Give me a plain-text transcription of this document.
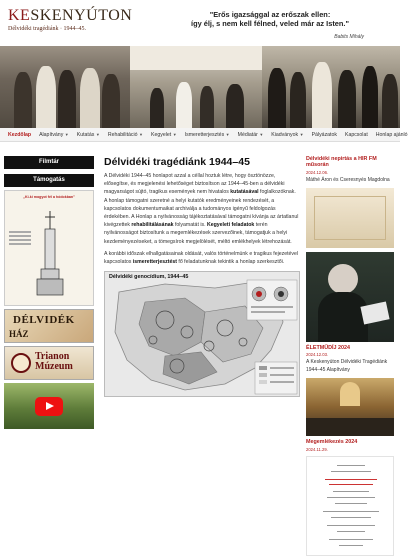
KESKENYÚTON
Délvidéki tragédiánk · 1944–45.
"Erős igazsággal az erőszak ellen:
így élj, s nem kell félned, veled már az Isten."
Babits Mihály
Kezdőlap Alapítvány ▼ Kutatás ▼ Rehabilitáció ▼ Kegyelet ▼ Ismeretterjesztés ▼ Médiatár ▼ Kiadványok ▼ Pályázatok Kapcsolat Honlap ajánló
Filmtár
Támogatás
„Ki-ki mogyot fél a hódokban"
DÉLVIDÉK
HÁZ
Trianon
Múzeum
Délvidéki tragédiánk 1944–45

A Délvidéki 1944–45 honlapot azzal a céllal hoztuk létre, hogy ösztönözze, elősegítse, és megjelenési lehetőséget biztosítson az 1944–45-ben a délvidéki magyarságot sújtó, tragikus események nem hivatalos kutatásával foglalkozóknak. A honlap támogatni szeretné a helyi kutatók eredményeinek rendezését, a kapcsolatos dokumentumaikat archiválja a tudományos igényű feldolgozás érdekében. A Honlap a nyilvánosság tájékoztatásával támogatni kívánja az ártatlanul kivégzettek rehabilitálásának folyamatát is. Kegyeleti feladatok terén nyilvánosságot biztosítunk a megemlékezések szervezőinek, támogatjuk a helyi kezdeményezéseket, a tömegsírok megjelölését, méltó emlékhelyek létrehozását.

A korábbi időszak elhallgatásainak oldását, valós történelmünk e tragikus fejezetével kapcsolatos ismeretterjesztést fő feladatunknak tekintik a honlap szerkesztői.

Délvidéki genocídium, 1944–45
Délvidéki nepirtás a HIR FM műsorán
2024.12.06.
Máthé Áron és Cseresnyés Magdolna
ÉLETMŰDÍJ 2024
2024.12.03.
A Keskenyúton Délvidéki Tragédiánk 1944–45 Alapítvány
Megemlékezés 2024
2024.11.29.
